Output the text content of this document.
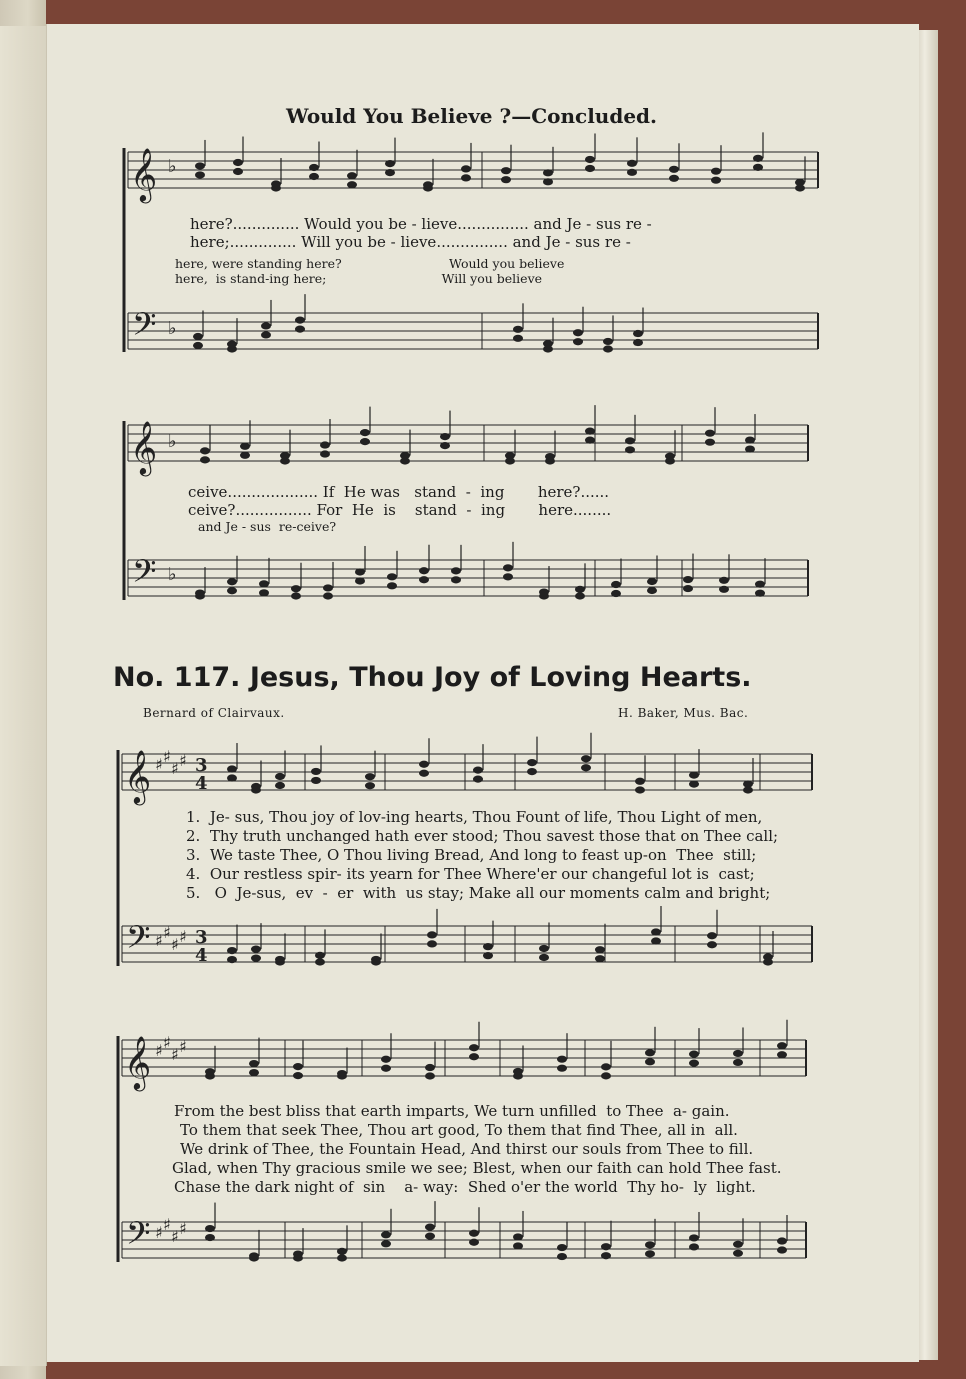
Would You Believe ?—Concluded.
𝄞
𝄢
𝄞
𝄢
𝄞
𝄢
𝄞
𝄢
♭
♭
♭
♭
♯ ♯
♯ ♯
♯ ♯
♯ ♯
♯ ♯
♯ ♯
♯ ♯
♯ ♯
3
4
3
4
here?.............. Would you be - lieve............... and Je - sus re -
here;.............. Will you be - lieve............... and Je - sus re -
here, were standing here?                           Would you believe
here,  is stand-ing here;                             Will you believe
ceive................... If  He was   stand  -  ing       here?......
ceive?................ For  He  is    stand  -  ing       here........
and Je - sus  re-ceive?
No. 117. Jesus, Thou Joy of Loving Hearts.
Bernard of Clairvaux.	H. Baker, Mus. Bac.
1.  Je- sus, Thou joy of lov-ing hearts, Thou Fount of life, Thou Light of men,
2.  Thy truth unchanged hath ever stood; Thou savest those that on Thee call;
3.  We taste Thee, O Thou living Bread, And long to feast up-on  Thee  still;
4.  Our restless spir- its yearn for Thee Where'er our changeful lot is  cast;
5.   O  Je-sus,  ev  -  er  with  us stay; Make all our moments calm and bright;
From the best bliss that earth imparts, We turn unfilled  to Thee  a- gain.
To them that seek Thee, Thou art good, To them that find Thee, all in  all.
We drink of Thee, the Fountain Head, And thirst our souls from Thee to fill.
Glad, when Thy gracious smile we see; Blest, when our faith can hold Thee fast.
Chase the dark night of  sin    a- way:  Shed o'er the world  Thy ho-  ly  light.
